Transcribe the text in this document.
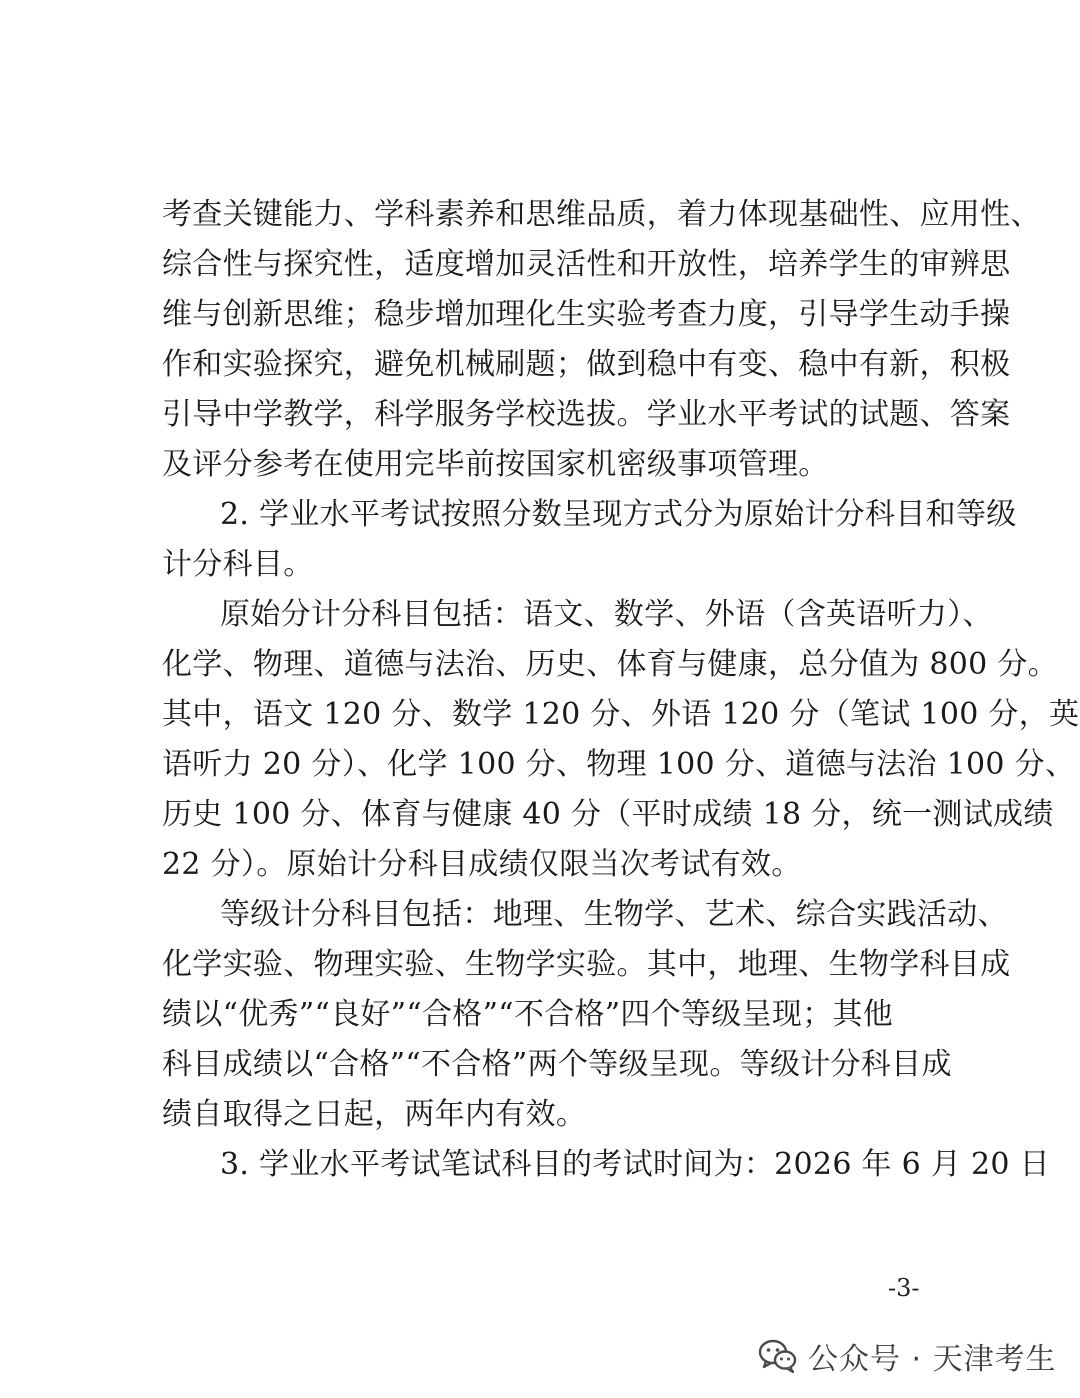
考查关键能力、学科素养和思维品质，着力体现基础性、应用性、
综合性与探究性，适度增加灵活性和开放性，培养学生的审辨思
维与创新思维；稳步增加理化生实验考查力度，引导学生动手操
作和实验探究，避免机械刷题；做到稳中有变、稳中有新，积极
引导中学教学，科学服务学校选拔。学业水平考试的试题、答案
及评分参考在使用完毕前按国家机密级事项管理。
2. 学业水平考试按照分数呈现方式分为原始计分科目和等级
计分科目。
原始分计分科目包括：语文、数学、外语（含英语听力）、
化学、物理、道德与法治、历史、体育与健康，总分值为 800 分。
其中，语文 120 分、数学 120 分、外语 120 分（笔试 100 分，英
语听力 20 分）、化学 100 分、物理 100 分、道德与法治 100 分、
历史 100 分、体育与健康 40 分（平时成绩 18 分，统一测试成绩
22 分）。原始计分科目成绩仅限当次考试有效。
等级计分科目包括：地理、生物学、艺术、综合实践活动、
化学实验、物理实验、生物学实验。其中，地理、生物学科目成
绩以“优秀”“良好”“合格”“不合格”四个等级呈现；其他
科目成绩以“合格”“不合格”两个等级呈现。等级计分科目成
绩自取得之日起，两年内有效。
3. 学业水平考试笔试科目的考试时间为：2026 年 6 月 20 日
-3-
公众号 · 天津考生
